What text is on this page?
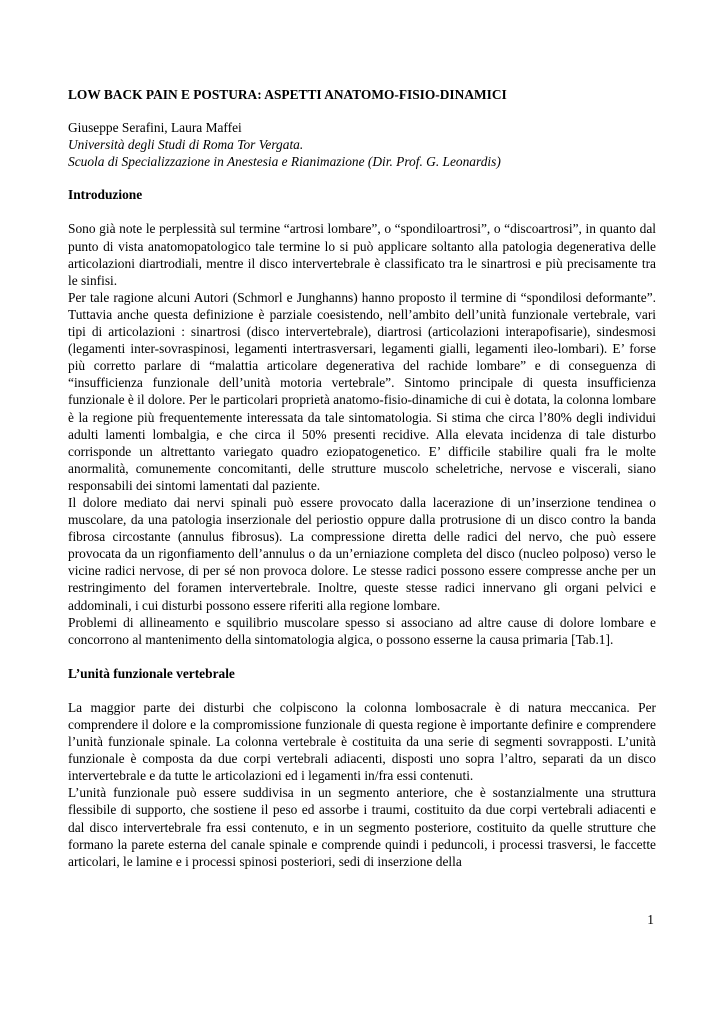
LOW BACK PAIN E POSTURA: ASPETTI ANATOMO-FISIO-DINAMICI

Giuseppe Serafini, Laura Maffei

Università degli Studi di Roma Tor Vergata.

Scuola di Specializzazione in Anestesia e Rianimazione (Dir. Prof. G. Leonardis)

Introduzione

Sono già note le perplessità sul termine “artrosi lombare”, o “spondiloartrosi”, o “discoartrosi”, in quanto dal punto di vista anatomopatologico tale termine lo si può applicare soltanto alla patologia degenerativa delle articolazioni diartrodiali, mentre il disco intervertebrale è classificato tra le sinartrosi e più precisamente tra le sinfisi.

Per tale ragione alcuni Autori (Schmorl e Junghanns) hanno proposto il termine di “spondilosi deformante”. Tuttavia anche questa definizione è parziale coesistendo, nell’ambito dell’unità funzionale vertebrale, vari tipi di articolazioni : sinartrosi (disco intervertebrale), diartrosi (articolazioni interapofisarie), sindesmosi (legamenti inter-sovraspinosi, legamenti intertrasversari, legamenti gialli, legamenti ileo-lombari). E’ forse più corretto parlare di “malattia articolare degenerativa del rachide lombare” e di conseguenza di “insufficienza funzionale dell’unità motoria vertebrale”. Sintomo principale di questa insufficienza funzionale è il dolore. Per le particolari proprietà anatomo-fisio-dinamiche di cui è dotata, la colonna lombare è la regione più frequentemente interessata da tale sintomatologia. Si stima che circa l’80% degli individui adulti lamenti lombalgia, e che circa il 50% presenti recidive. Alla elevata incidenza di tale disturbo corrisponde un altrettanto variegato quadro eziopatogenetico. E’ difficile stabilire quali fra le molte anormalità, comunemente concomitanti, delle strutture muscolo scheletriche, nervose e viscerali, siano responsabili dei sintomi lamentati dal paziente.

Il dolore mediato dai nervi spinali può essere provocato dalla lacerazione di un’inserzione tendinea o muscolare, da una patologia inserzionale del periostio oppure dalla protrusione di un disco contro la banda fibrosa circostante (annulus fibrosus). La compressione diretta delle radici del nervo, che può essere provocata da un rigonfiamento dell’annulus o da un’erniazione completa del disco (nucleo polposo) verso le vicine radici nervose, di per sé non provoca dolore. Le stesse radici possono essere compresse anche per un restringimento del foramen intervertebrale. Inoltre, queste stesse radici innervano gli organi pelvici e addominali, i cui disturbi possono essere riferiti alla regione lombare.

Problemi di allineamento e squilibrio muscolare spesso si associano ad altre cause di dolore lombare e concorrono al mantenimento della sintomatologia algica, o possono esserne la causa primaria [Tab.1].

L’unità funzionale vertebrale

La maggior parte dei disturbi che colpiscono la colonna lombosacrale è di natura meccanica. Per comprendere il dolore e la compromissione funzionale di questa regione è importante definire e comprendere l’unità funzionale spinale. La colonna vertebrale è costituita da una serie di segmenti sovrapposti. L’unità funzionale è composta da due corpi vertebrali adiacenti, disposti uno sopra l’altro, separati da un disco intervertebrale e da tutte le articolazioni ed i legamenti in/fra essi contenuti.

L’unità funzionale può essere suddivisa in un segmento anteriore, che è sostanzialmente una struttura flessibile di supporto, che sostiene il peso ed assorbe i traumi, costituito da due corpi vertebrali adiacenti e dal disco intervertebrale fra essi contenuto, e in un segmento posteriore, costituito da quelle strutture che formano la parete esterna del canale spinale e comprende quindi i peduncoli, i processi trasversi, le faccette articolari, le lamine e i processi spinosi posteriori, sedi di inserzione della

1
